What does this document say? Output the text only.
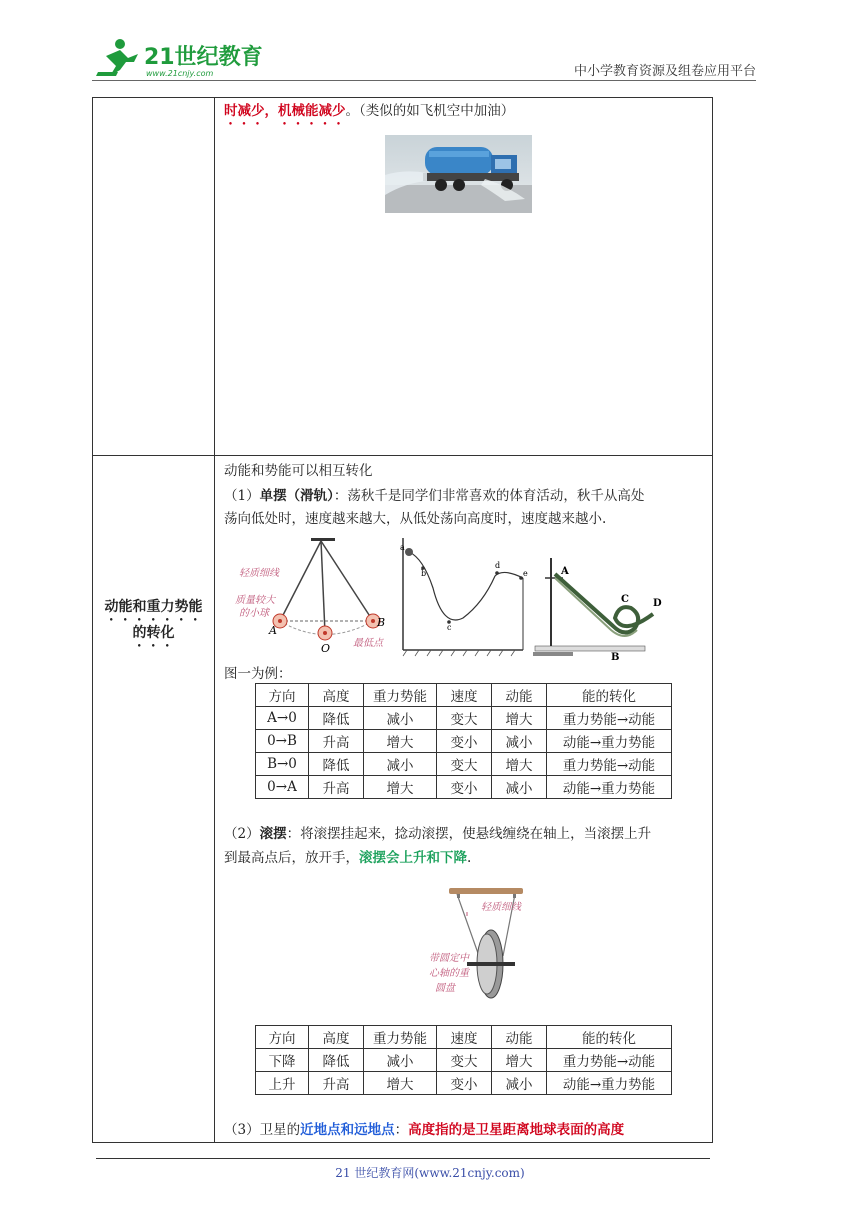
21世纪教育
www.21cnjy.com	中小学教育资源及组卷应用平台
时减少，机械能减少。（类似的如飞机空中加油）
动能和重力势能
的转化
动能和势能可以相互转化
（1）单摆（滑轨）：荡秋千是同学们非常喜欢的体育活动，秋千从高处
荡向低处时，速度越来越大，从低处荡向高度时，速度越来越小.
轻质细线
质量较大
的小球
最低点
A
O
B
a
b
c
d
e	A
C D
B
图一为例：
方向	高度	重力势能	速度	动能	能的转化
A→0	降低	减小	变大	增大	重力势能→动能
0→B	升高	增大	变小	减小	动能→重力势能
B→0	降低	减小	变大	增大	重力势能→动能
0→A	升高	增大	变小	减小	动能→重力势能
（2）滚摆：将滚摆挂起来，捻动滚摆，使悬线缠绕在轴上，当滚摆上升
到最高点后，放开手，滚摆会上升和下降.
轻质细线
带圆定中
心轴的重
圆盘
方向	高度	重力势能	速度	动能	能的转化
下降	降低	减小	变大	增大	重力势能→动能
上升	升高	增大	变小	减小	动能→重力势能
（3）卫星的近地点和远地点：高度指的是卫星距离地球表面的高度
21 世纪教育网(www.21cnjy.com)
